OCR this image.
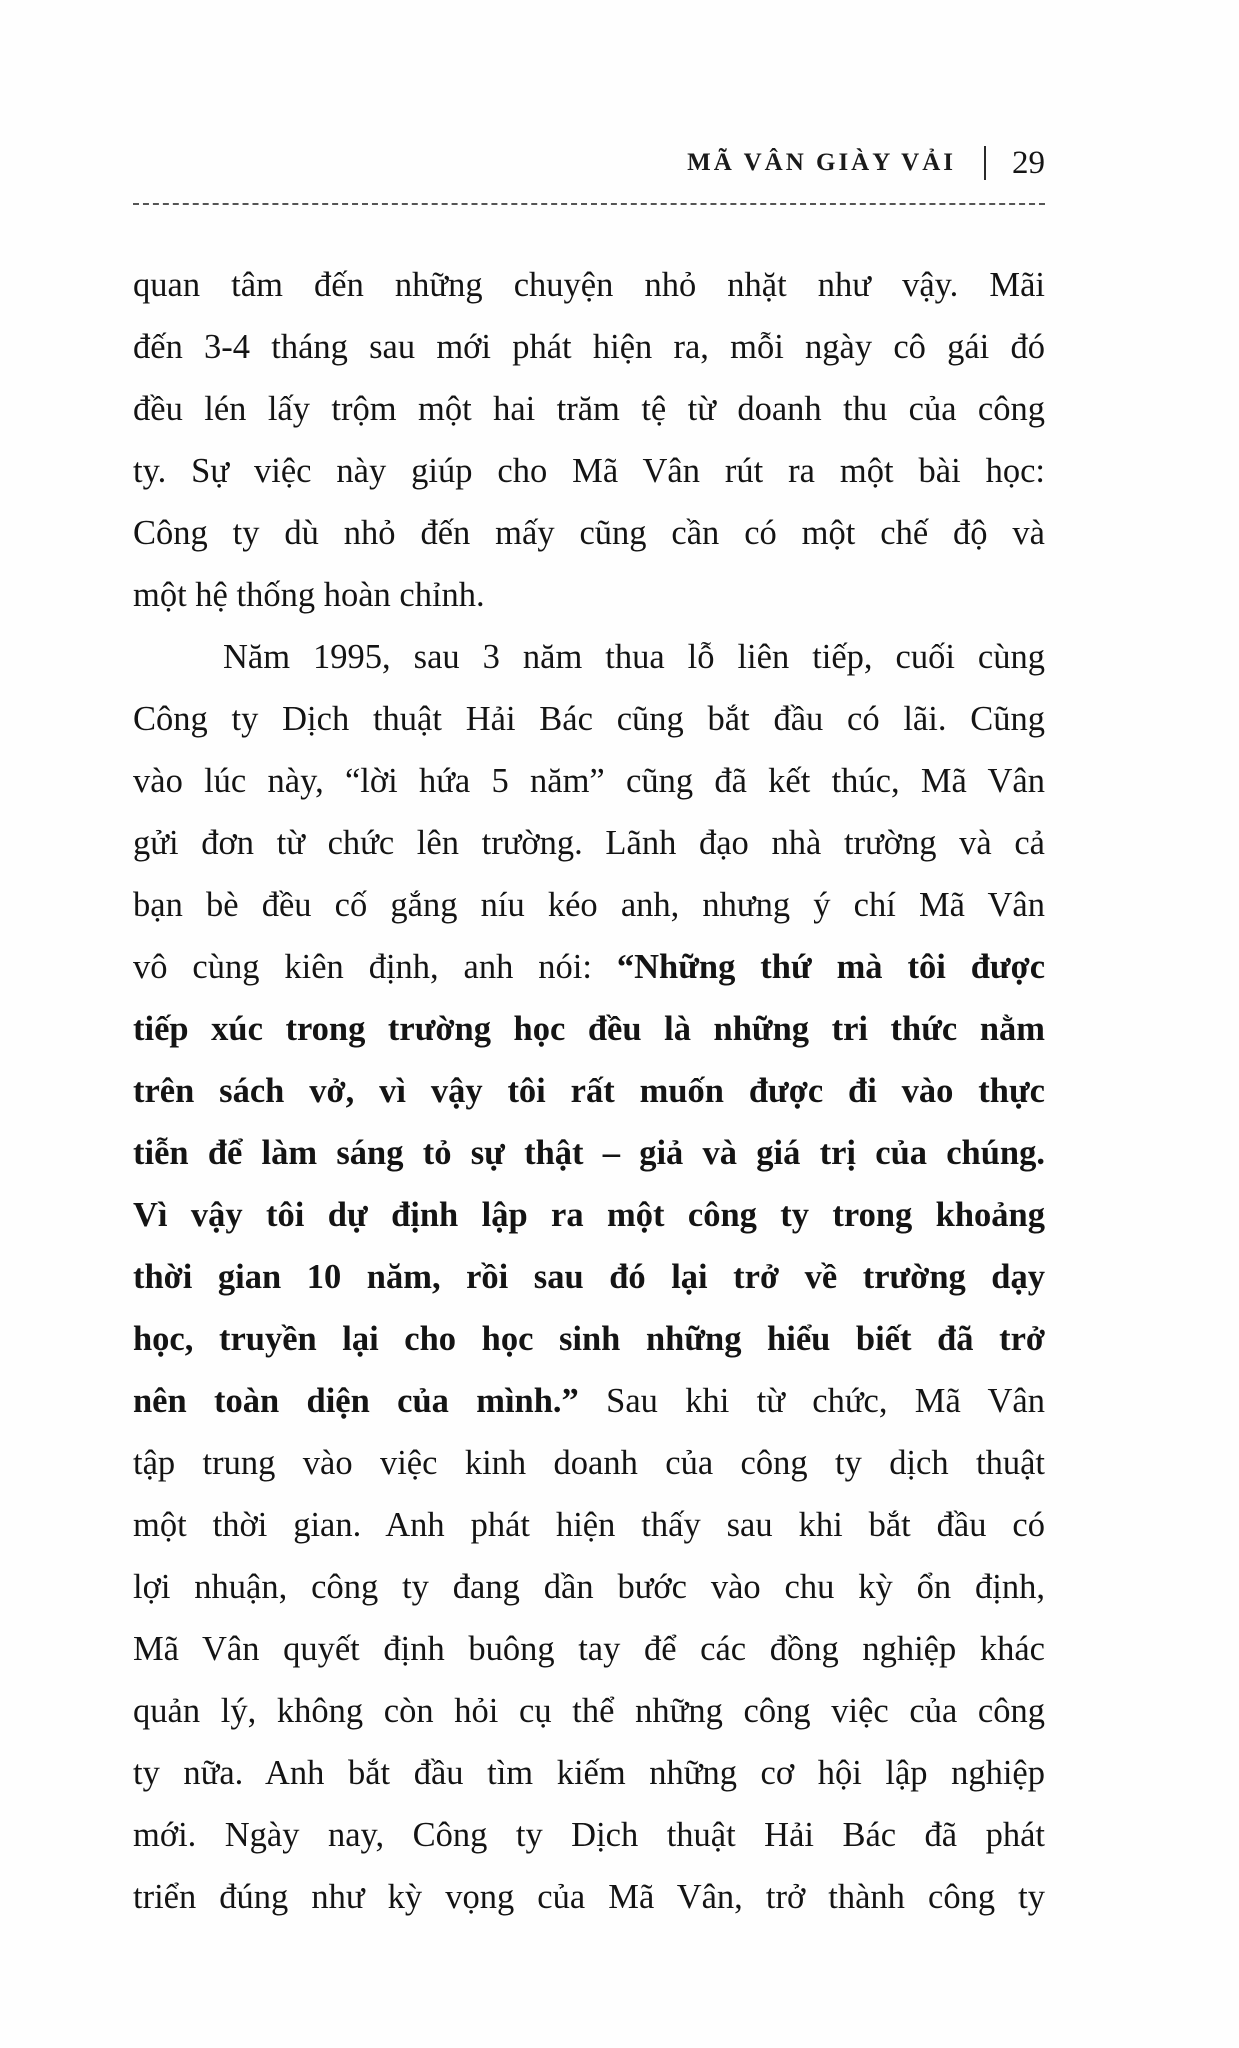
MÃ VÂN GIÀY VẢI 29
quan tâm đến những chuyện nhỏ nhặt như vậy. Mãi
đến 3-4 tháng sau mới phát hiện ra, mỗi ngày cô gái đó
đều lén lấy trộm một hai trăm tệ từ doanh thu của công
ty. Sự việc này giúp cho Mã Vân rút ra một bài học:
Công ty dù nhỏ đến mấy cũng cần có một chế độ và
một hệ thống hoàn chỉnh.
Năm 1995, sau 3 năm thua lỗ liên tiếp, cuối cùng
Công ty Dịch thuật Hải Bác cũng bắt đầu có lãi. Cũng
vào lúc này, “lời hứa 5 năm” cũng đã kết thúc, Mã Vân
gửi đơn từ chức lên trường. Lãnh đạo nhà trường và cả
bạn bè đều cố gắng níu kéo anh, nhưng ý chí Mã Vân
vô cùng kiên định, anh nói: “Những thứ mà tôi được
tiếp xúc trong trường học đều là những tri thức nằm
trên sách vở, vì vậy tôi rất muốn được đi vào thực
tiễn để làm sáng tỏ sự thật – giả và giá trị của chúng.
Vì vậy tôi dự định lập ra một công ty trong khoảng
thời gian 10 năm, rồi sau đó lại trở về trường dạy
học, truyền lại cho học sinh những hiểu biết đã trở
nên toàn diện của mình.” Sau khi từ chức, Mã Vân
tập trung vào việc kinh doanh của công ty dịch thuật
một thời gian. Anh phát hiện thấy sau khi bắt đầu có
lợi nhuận, công ty đang dần bước vào chu kỳ ổn định,
Mã Vân quyết định buông tay để các đồng nghiệp khác
quản lý, không còn hỏi cụ thể những công việc của công
ty nữa. Anh bắt đầu tìm kiếm những cơ hội lập nghiệp
mới. Ngày nay, Công ty Dịch thuật Hải Bác đã phát
triển đúng như kỳ vọng của Mã Vân, trở thành công ty
